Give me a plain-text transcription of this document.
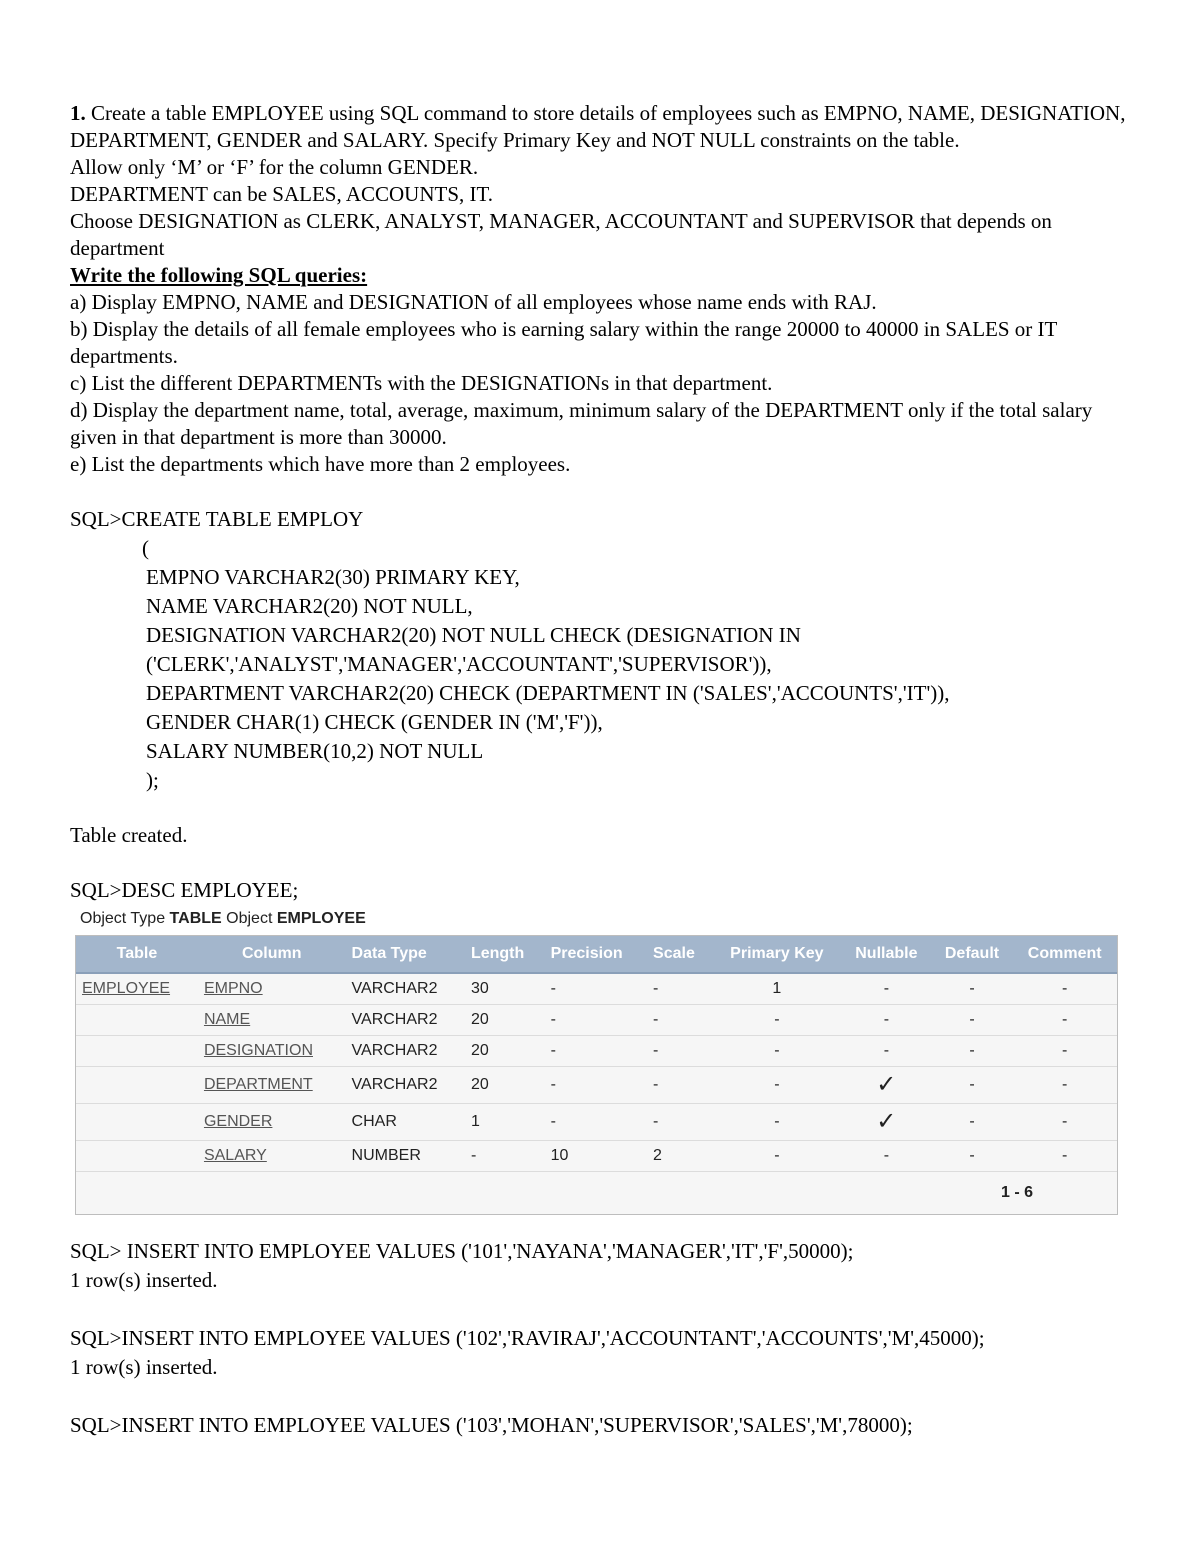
1. Create a table EMPLOYEE using SQL command to store details of employees such as EMPNO, NAME, DESIGNATION, DEPARTMENT, GENDER and SALARY. Specify Primary Key and NOT NULL constraints on the table.
Allow only ‘M’ or ‘F’ for the column GENDER.
DEPARTMENT can be SALES, ACCOUNTS, IT.
Choose DESIGNATION as CLERK, ANALYST, MANAGER, ACCOUNTANT and SUPERVISOR that depends on department
Write the following SQL queries:
a) Display EMPNO, NAME and DESIGNATION of all employees whose name ends with RAJ.
b) Display the details of all female employees who is earning salary within the range 20000 to 40000 in SALES or IT departments.
c) List the different DEPARTMENTs with the DESIGNATIONs in that department.
d) Display the department name, total, average, maximum, minimum salary of the DEPARTMENT only if the total salary given in that department is more than 30000.
e) List the departments which have more than 2 employees.
SQL>CREATE TABLE EMPLOY
(
EMPNO VARCHAR2(30) PRIMARY KEY,
NAME VARCHAR2(20) NOT NULL,
DESIGNATION VARCHAR2(20) NOT NULL CHECK (DESIGNATION IN
('CLERK','ANALYST','MANAGER','ACCOUNTANT','SUPERVISOR')),
DEPARTMENT VARCHAR2(20) CHECK (DEPARTMENT IN ('SALES','ACCOUNTS','IT')),
GENDER CHAR(1) CHECK (GENDER IN ('M','F')),
SALARY NUMBER(10,2) NOT NULL
);
Table created.
SQL>DESC EMPLOYEE;
Object Type TABLE Object EMPLOYEE
Table	Column	Data Type	Length	Precision	Scale	Primary Key	Nullable	Default	Comment
EMPLOYEE	EMPNO	VARCHAR2	30	-	-	1	-	-	-
	NAME	VARCHAR2	20	-	-	-	-	-	-
	DESIGNATION	VARCHAR2	20	-	-	-	-	-	-
	DEPARTMENT	VARCHAR2	20	-	-	-	✓	-	-
	GENDER	CHAR	1	-	-	-	✓	-	-
	SALARY	NUMBER	-	10	2	-	-	-	-
1 - 6									
SQL> INSERT INTO EMPLOYEE VALUES ('101','NAYANA','MANAGER','IT','F',50000);
1 row(s) inserted.
SQL>INSERT INTO EMPLOYEE VALUES ('102','RAVIRAJ','ACCOUNTANT','ACCOUNTS','M',45000);
1 row(s) inserted.
SQL>INSERT INTO EMPLOYEE VALUES ('103','MOHAN','SUPERVISOR','SALES','M',78000);
